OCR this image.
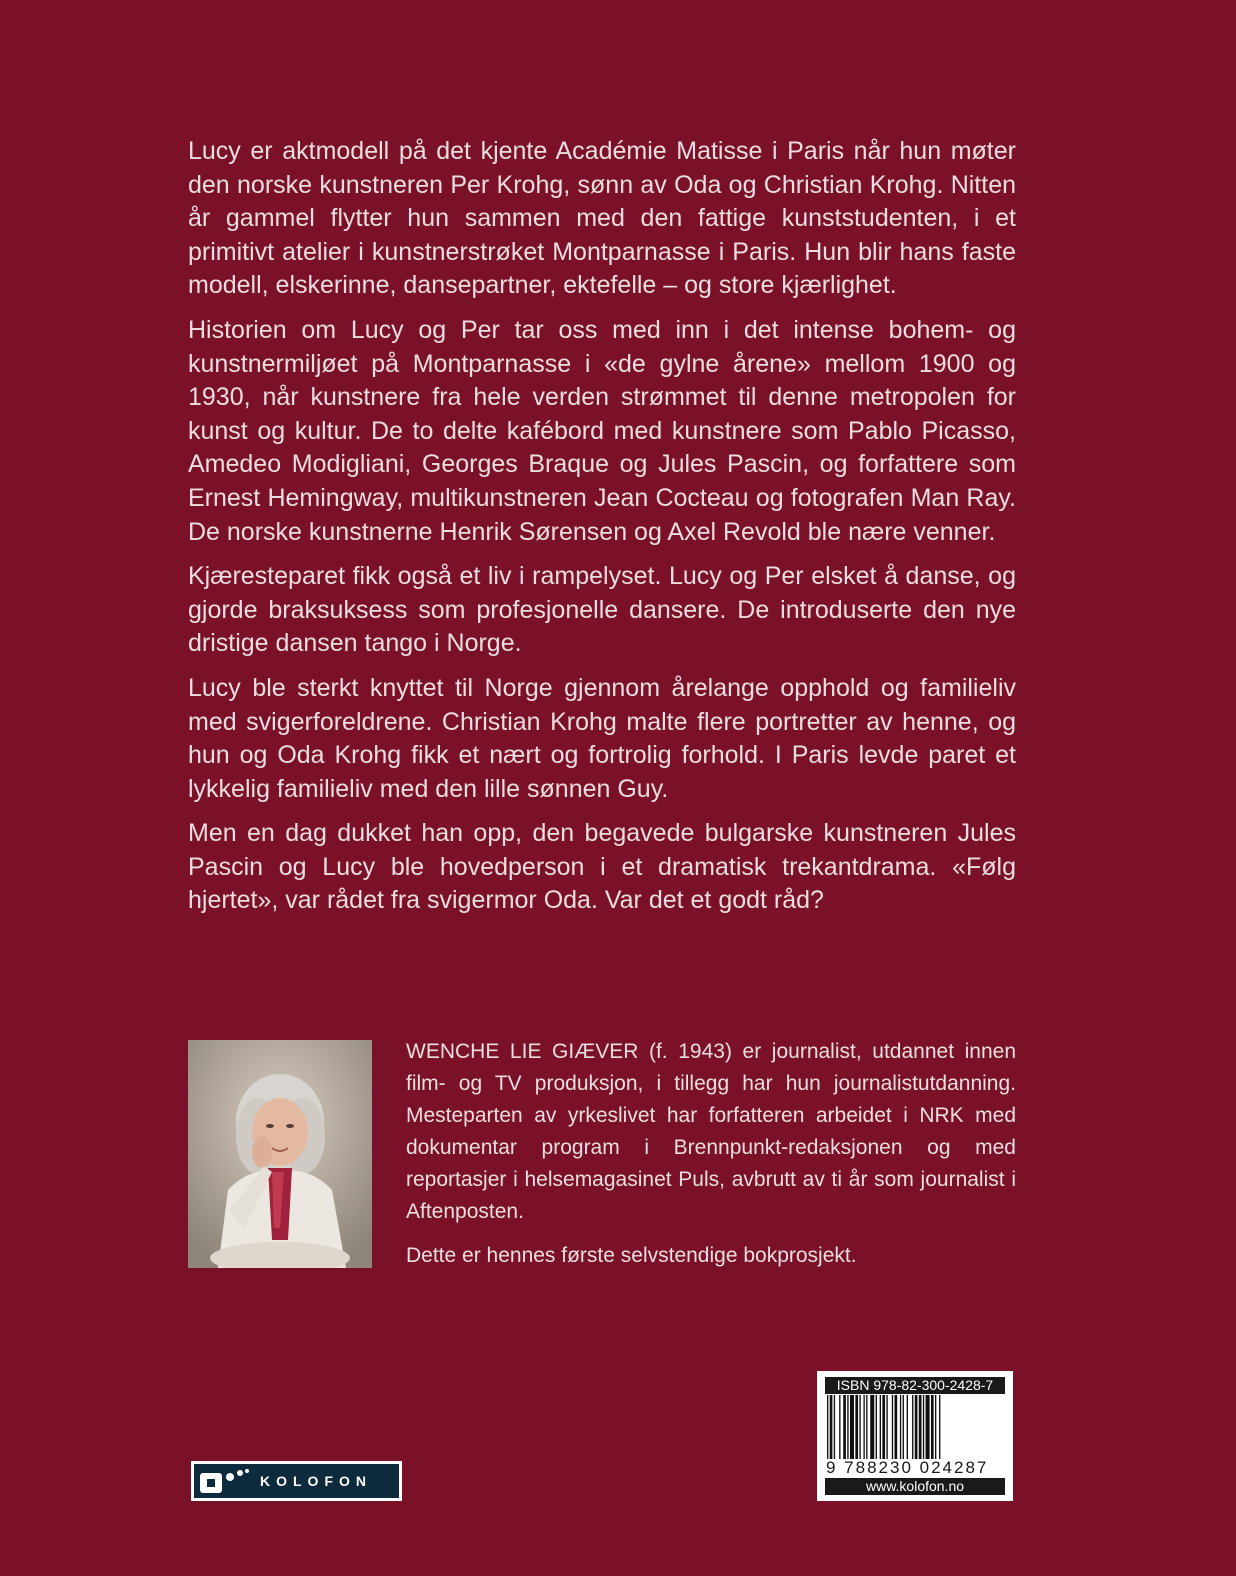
Lucy er aktmodell på det kjente Académie Matisse i Paris når hun møter den norske kunstneren Per Krohg, sønn av Oda og Christian Krohg. Nitten år gammel flytter hun sammen med den fattige kunststudenten, i et primitivt atelier i kunstnerstrøket Montparnasse i Paris. Hun blir hans faste modell, elskerinne, dansepartner, ektefelle – og store kjærlighet.

Historien om Lucy og Per tar oss med inn i det intense bohem- og kunstnermiljøet på Montparnasse i «de gylne årene» mellom 1900 og 1930, når kunstnere fra hele verden strømmet til denne metropolen for kunst og kultur. De to delte kafébord med kunstnere som Pablo Picasso, Amedeo Modigliani, Georges Braque og Jules Pascin, og forfattere som Ernest Hemingway, multikunstneren Jean Cocteau og fotografen Man Ray. De norske kunstnerne Henrik Sørensen og Axel Revold ble nære venner.

Kjæresteparet fikk også et liv i rampelyset. Lucy og Per elsket å danse, og gjorde braksuksess som profesjonelle dansere. De introduserte den nye dristige dansen tango i Norge.

Lucy ble sterkt knyttet til Norge gjennom årelange opphold og familieliv med svigerforeldrene. Christian Krohg malte flere portretter av henne, og hun og Oda Krohg fikk et nært og fortrolig forhold. I Paris levde paret et lykkelig familieliv med den lille sønnen Guy.

Men en dag dukket han opp, den begavede bulgarske kunstneren Jules Pascin og Lucy ble hovedperson i et dramatisk trekantdrama. «Følg hjertet», var rådet fra svigermor Oda. Var det et godt råd?

WENCHE LIE GIÆVER (f. 1943) er journalist, utdannet innen film- og TV produksjon, i tillegg har hun journalistutdanning. Mesteparten av yrkeslivet har forfatteren arbeidet i NRK med dokumentar program i Brennpunkt-redaksjonen og med reportasjer i helsemagasinet Puls, avbrutt av ti år som journalist i Aftenposten.

Dette er hennes første selvstendige bokprosjekt.

ISBN 978-82-300-2428-7
9 788230 024287
www.kolofon.no
KOLOFON
